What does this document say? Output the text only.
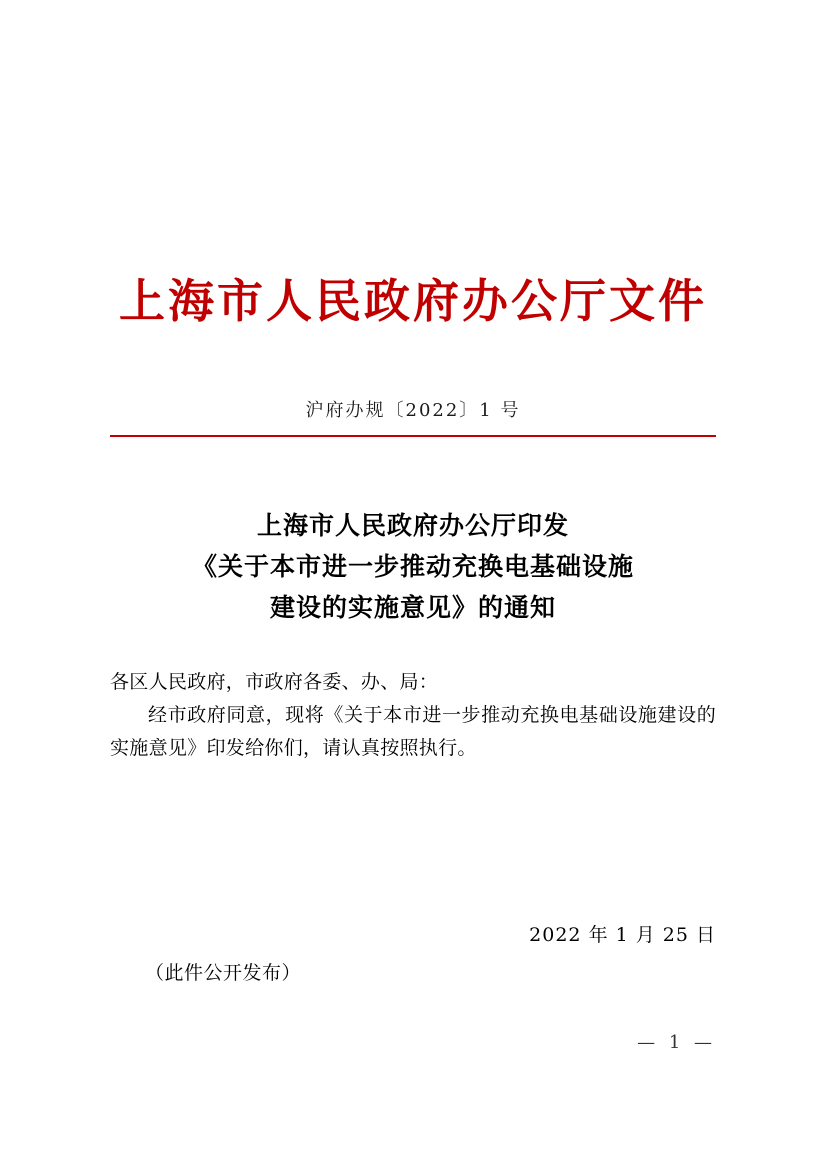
上海市人民政府办公厅文件
沪府办规〔2022〕1 号
上海市人民政府办公厅印发
《关于本市进一步推动充换电基础设施
建设的实施意见》的通知
各区人民政府，市政府各委、办、局：
经市政府同意，现将《关于本市进一步推动充换电基础设施建设的实施意见》印发给你们，请认真按照执行。
2022 年 1 月 25 日
（此件公开发布）
— 1 —
